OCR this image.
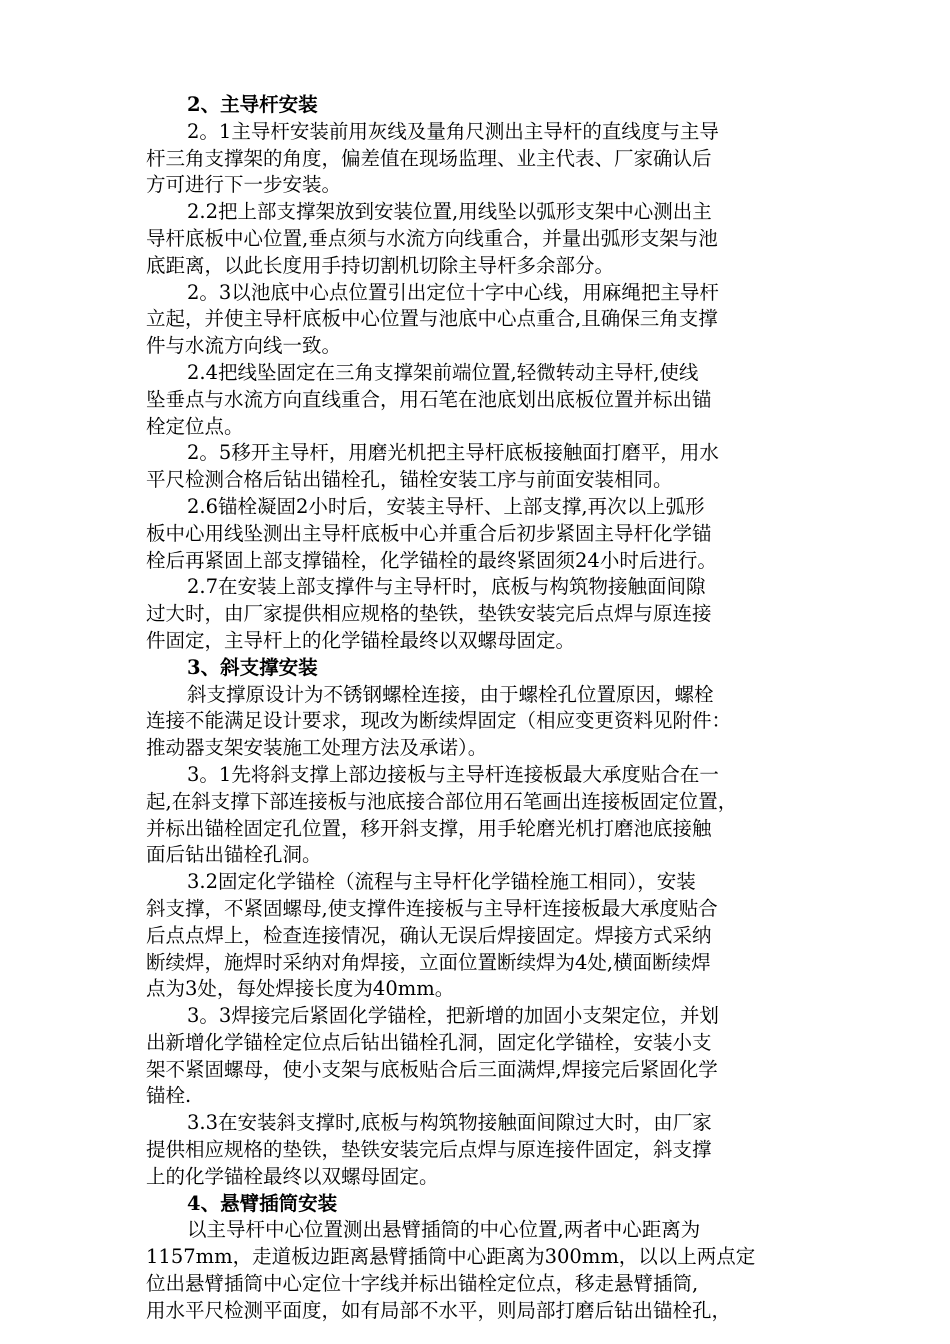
2、主导杆安装
2。1主导杆安装前用灰线及量角尺测出主导杆的直线度与主导
杆三角支撑架的角度，偏差值在现场监理、业主代表、厂家确认后
方可进行下一步安装。
2.2把上部支撑架放到安装位置,用线坠以弧形支架中心测出主
导杆底板中心位置,垂点须与水流方向线重合，并量出弧形支架与池
底距离，以此长度用手持切割机切除主导杆多余部分。
2。3以池底中心点位置引出定位十字中心线，用麻绳把主导杆
立起，并使主导杆底板中心位置与池底中心点重合,且确保三角支撑
件与水流方向线一致。
2.4把线坠固定在三角支撑架前端位置,轻微转动主导杆,使线
坠垂点与水流方向直线重合，用石笔在池底划出底板位置并标出锚
栓定位点。
2。5移开主导杆，用磨光机把主导杆底板接触面打磨平，用水
平尺检测合格后钻出锚栓孔，锚栓安装工序与前面安装相同。
2.6锚栓凝固2小时后，安装主导杆、上部支撑,再次以上弧形
板中心用线坠测出主导杆底板中心并重合后初步紧固主导杆化学锚
栓后再紧固上部支撑锚栓，化学锚栓的最终紧固须24小时后进行。
2.7在安装上部支撑件与主导杆时，底板与构筑物接触面间隙
过大时，由厂家提供相应规格的垫铁，垫铁安装完后点焊与原连接
件固定，主导杆上的化学锚栓最终以双螺母固定。
3、斜支撑安装
斜支撑原设计为不锈钢螺栓连接，由于螺栓孔位置原因，螺栓
连接不能满足设计要求，现改为断续焊固定（相应变更资料见附件：
推动器支架安装施工处理方法及承诺）。
3。1先将斜支撑上部边接板与主导杆连接板最大承度贴合在一
起,在斜支撑下部连接板与池底接合部位用石笔画出连接板固定位置，
并标出锚栓固定孔位置，移开斜支撑，用手轮磨光机打磨池底接触
面后钻出锚栓孔洞。
3.2固定化学锚栓（流程与主导杆化学锚栓施工相同），安装
斜支撑，不紧固螺母,使支撑件连接板与主导杆连接板最大承度贴合
后点点焊上，检查连接情况，确认无误后焊接固定。焊接方式采纳
断续焊，施焊时采纳对角焊接，立面位置断续焊为4处,横面断续焊
点为3处，每处焊接长度为40mm。
3。3焊接完后紧固化学锚栓，把新增的加固小支架定位，并划
出新增化学锚栓定位点后钻出锚栓孔洞，固定化学锚栓，安装小支
架不紧固螺母，使小支架与底板贴合后三面满焊,焊接完后紧固化学
锚栓.
3.3在安装斜支撑时,底板与构筑物接触面间隙过大时，由厂家
提供相应规格的垫铁，垫铁安装完后点焊与原连接件固定，斜支撑
上的化学锚栓最终以双螺母固定。
4、悬臂插筒安装
以主导杆中心位置测出悬臂插筒的中心位置,两者中心距离为
1157mm，走道板边距离悬臂插筒中心距离为300mm，以以上两点定
位出悬臂插筒中心定位十字线并标出锚栓定位点，移走悬臂插筒,
用水平尺检测平面度，如有局部不水平，则局部打磨后钻出锚栓孔，
